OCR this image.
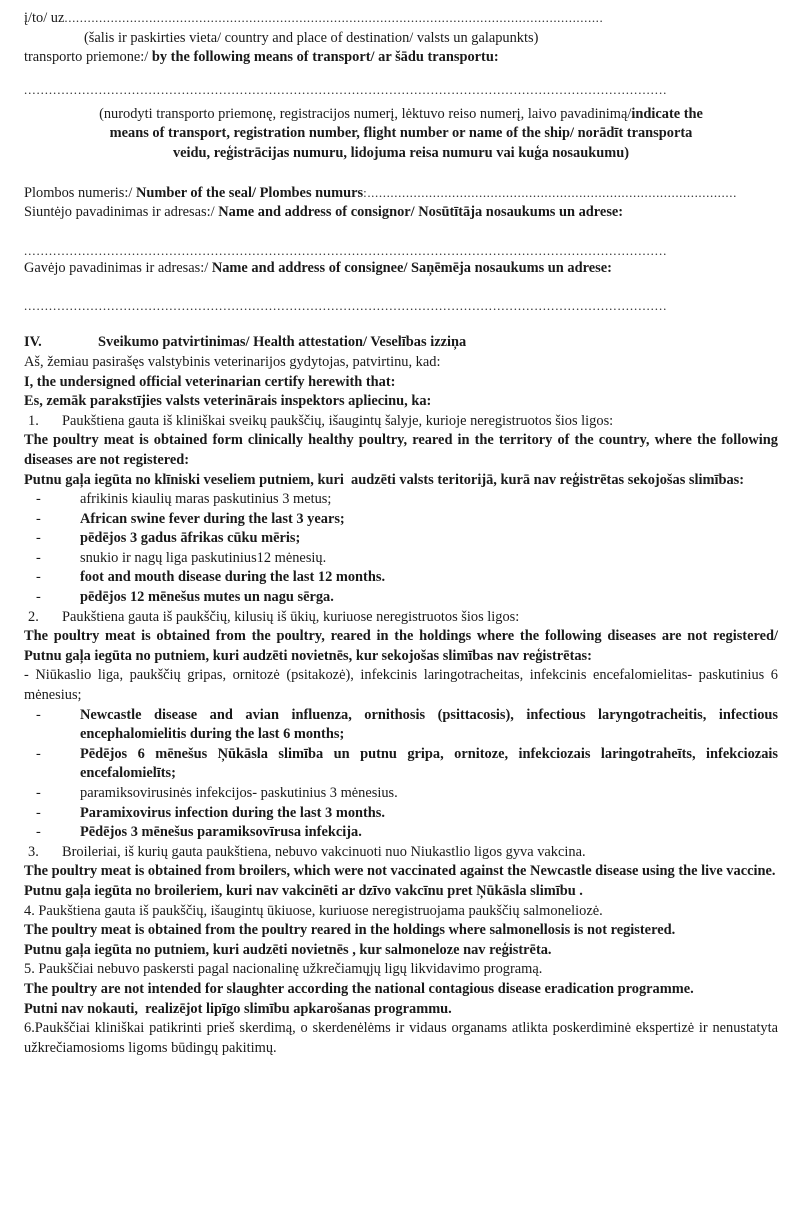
į/to/ uz............................................................................................................................................
(šalis ir paskirties vieta/ country and place of destination/ valsts un galapunkts)
transporto priemone:/ by the following means of transport/ ar šādu transportu:
...........................................................................................................................................................
(nurodyti transporto priemonę, registracijos numerį, lėktuvo reiso numerį, laivo pavadinimą/indicate the
means of transport, registration number, flight number or name of the ship/ norādīt transporta
veidu, reģistrācijas numuru, lidojuma reisa numuru vai kuģa nosaukumu)
Plombos numeris:/ Number of the seal/ Plombes numurs:................................................................................................
Siuntėjo pavadinimas ir adresas:/ Name and address of consignor/ Nosūtītāja nosaukums un adrese:
...........................................................................................................................................................
Gavėjo pavadinimas ir adresas:/ Name and address of consignee/ Saņēmēja nosaukums un adrese:
...........................................................................................................................................................
IV.	Sveikumo patvirtinimas/ Health attestation/ Veselības izziņa
Aš, žemiau pasirašęs valstybinis veterinarijos gydytojas, patvirtinu, kad:
I, the undersigned official veterinarian certify herewith that:
Es, zemāk parakstījies valsts veterinārais inspektors apliecinu, ka:
1.	Paukštiena gauta iš kliniškai sveikų paukščių, išaugintų šalyje, kurioje neregistruotos šios ligos:
The poultry meat is obtained form clinically healthy poultry, reared in the territory of the country, where the following diseases are not registered:
Putnu gaļa iegūta no klīniski veseliem putniem, kuri  audzēti valsts teritorijā, kurā nav reģistrētas sekojošas slimības:
-	afrikinis kiaulių maras paskutinius 3 metus;
-	African swine fever during the last 3 years;
-	pēdējos 3 gadus āfrikas cūku mēris;
-	snukio ir nagų liga paskutinius12 mėnesių.
-	foot and mouth disease during the last 12 months.
-	pēdējos 12 mēnešus mutes un nagu sērga.
2.	Paukštiena gauta iš paukščių, kilusių iš ūkių, kuriuose neregistruotos šios ligos:
The poultry meat is obtained from the poultry, reared in the holdings where the following diseases are not registered/ Putnu gaļa iegūta no putniem, kuri audzēti novietnēs, kur sekojošas slimības nav reģistrētas:
- Niūkaslio liga, paukščių gripas, ornitozė (psitakozė), infekcinis laringotracheitas, infekcinis encefalomielitas- paskutinius 6 mėnesius;
-	Newcastle disease and avian influenza, ornithosis (psittacosis), infectious laryngotracheitis, infectious encephalomielitis during the last 6 months;
-	Pēdējos 6 mēnešus Ņūkāsla slimība un putnu gripa, ornitoze, infekciozais laringotraheīts, infekciozais encefalomielīts;
-	paramiksovirusinės infekcijos- paskutinius 3 mėnesius.
-	Paramixovirus infection during the last 3 months.
-	Pēdējos 3 mēnešus paramiksovīrusa infekcija.
3.	Broileriai, iš kurių gauta paukštiena, nebuvo vakcinuoti nuo Niukastlio ligos gyva vakcina.
The poultry meat is obtained from broilers, which were not vaccinated against the Newcastle disease using the live vaccine.
Putnu gaļa iegūta no broileriem, kuri nav vakcinēti ar dzīvo vakcīnu pret Ņūkāsla slimību .
4. Paukštiena gauta iš paukščių, išaugintų ūkiuose, kuriuose neregistruojama paukščių salmoneliozė.
The poultry meat is obtained from the poultry reared in the holdings where salmonellosis is not registered.
Putnu gaļa iegūta no putniem, kuri audzēti novietnēs , kur salmoneloze nav reģistrēta.
5. Paukščiai nebuvo paskersti pagal nacionalinę užkrečiamųjų ligų likvidavimo programą.
The poultry are not intended for slaughter according the national contagious disease eradication programme.
Putni nav nokauti,  realizējot lipīgo slimību apkarošanas programmu.
6.Paukščiai kliniškai patikrinti prieš skerdimą, o skerdenėlėms ir vidaus organams atlikta poskerdiminė ekspertizė ir nenustatyta užkrečiamosioms ligoms būdingų pakitimų.
